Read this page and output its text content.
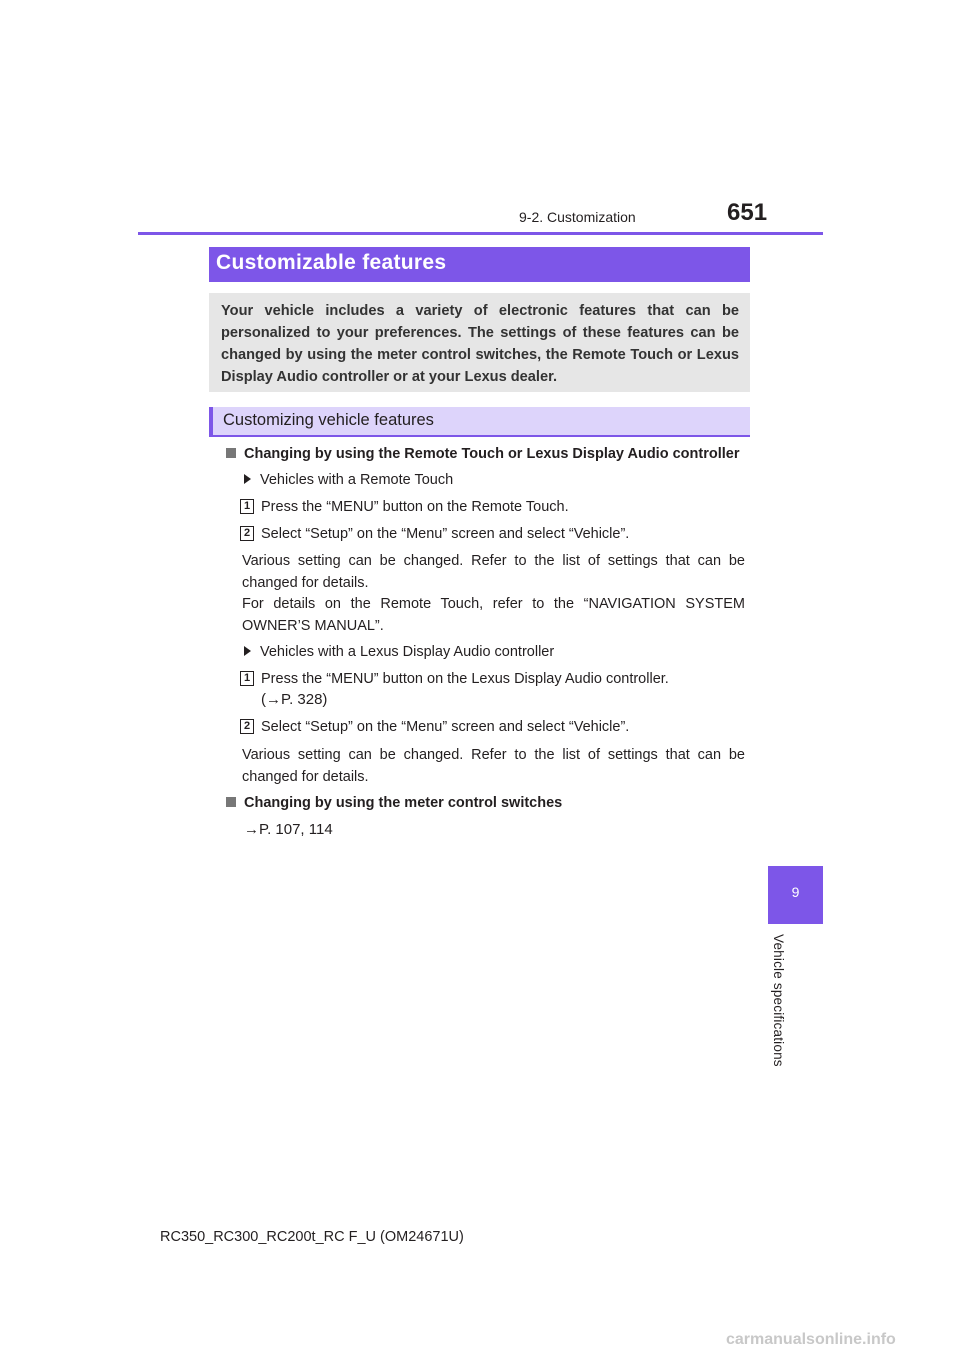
9-2. Customization	651
Customizable features
Your vehicle includes a variety of electronic features that can be personalized to your preferences. The settings of these features can be changed by using the meter control switches, the Remote Touch or Lexus Display Audio controller or at your Lexus dealer.
Customizing vehicle features
Changing by using the Remote Touch or Lexus Display Audio controller
Vehicles with a Remote Touch
1 Press the “MENU” button on the Remote Touch.
2 Select “Setup” on the “Menu” screen and select “Vehicle”.
Various setting can be changed. Refer to the list of settings that can be changed for details.
For details on the Remote Touch, refer to the “NAVIGATION SYSTEM OWNER’S MANUAL”.
Vehicles with a Lexus Display Audio controller
1 Press the “MENU” button on the Lexus Display Audio controller.
(→P. 328)
2 Select “Setup” on the “Menu” screen and select “Vehicle”.
Various setting can be changed. Refer to the list of settings that can be changed for details.
Changing by using the meter control switches
→P. 107, 114
9
Vehicle specifications
RC350_RC300_RC200t_RC F_U (OM24671U)
carmanualsonline.info
